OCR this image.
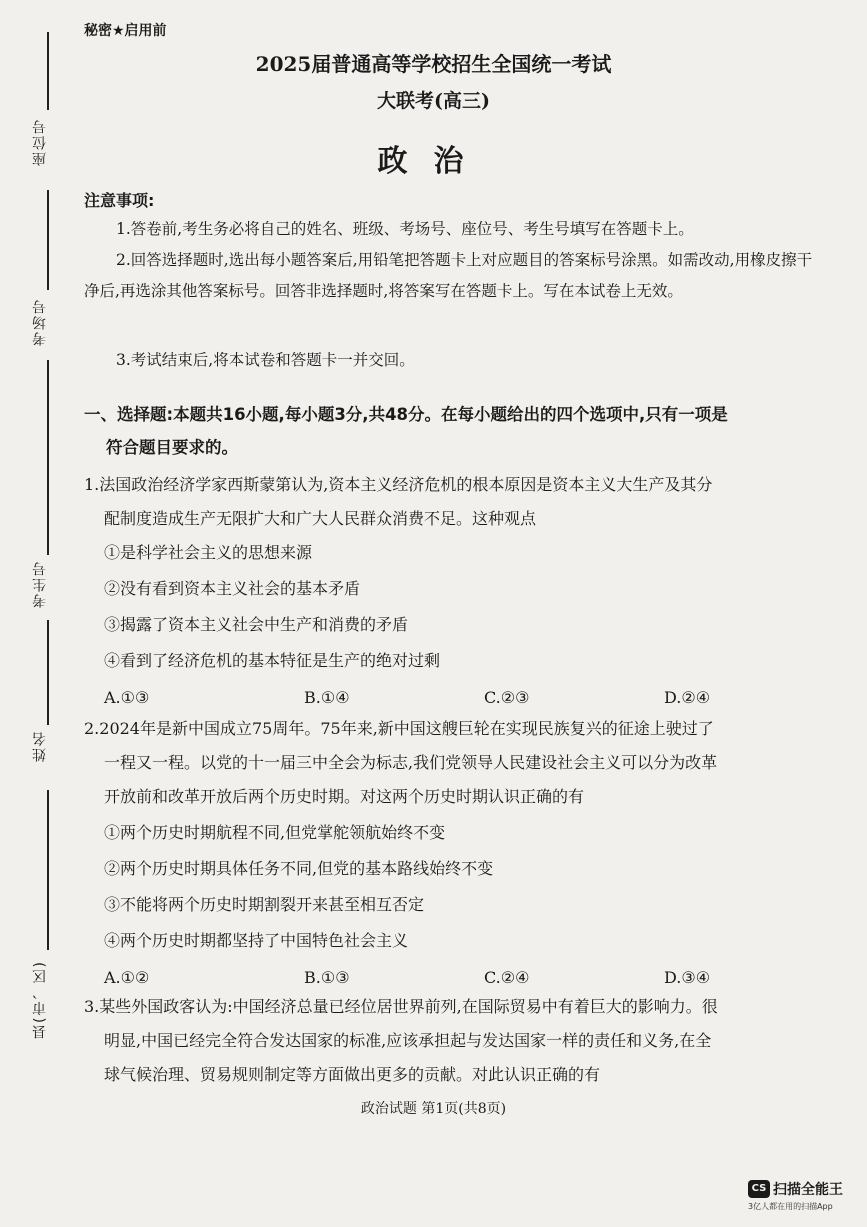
座位号
考场号
考生号
姓名
县(市、区)
秘密★启用前
2025届普通高等学校招生全国统一考试
大联考(高三)
政治
注意事项:
1.答卷前,考生务必将自己的姓名、班级、考场号、座位号、考生号填写在答题卡上。
2.回答选择题时,选出每小题答案后,用铅笔把答题卡上对应题目的答案标号涂黑。如需改动,用橡皮擦干净后,再选涂其他答案标号。回答非选择题时,将答案写在答题卡上。写在本试卷上无效。
3.考试结束后,将本试卷和答题卡一并交回。
一、选择题:本题共16小题,每小题3分,共48分。在每小题给出的四个选项中,只有一项是
符合题目要求的。
1.法国政治经济学家西斯蒙第认为,资本主义经济危机的根本原因是资本主义大生产及其分
配制度造成生产无限扩大和广大人民群众消费不足。这种观点
①是科学社会主义的思想来源
②没有看到资本主义社会的基本矛盾
③揭露了资本主义社会中生产和消费的矛盾
④看到了经济危机的基本特征是生产的绝对过剩
A.①③	B.①④	C.②③	D.②④
2.2024年是新中国成立75周年。75年来,新中国这艘巨轮在实现民族复兴的征途上驶过了
一程又一程。以党的十一届三中全会为标志,我们党领导人民建设社会主义可以分为改革
开放前和改革开放后两个历史时期。对这两个历史时期认识正确的有
①两个历史时期航程不同,但党掌舵领航始终不变
②两个历史时期具体任务不同,但党的基本路线始终不变
③不能将两个历史时期割裂开来甚至相互否定
④两个历史时期都坚持了中国特色社会主义
A.①②	B.①③	C.②④	D.③④
3.某些外国政客认为:中国经济总量已经位居世界前列,在国际贸易中有着巨大的影响力。很
明显,中国已经完全符合发达国家的标准,应该承担起与发达国家一样的责任和义务,在全
球气候治理、贸易规则制定等方面做出更多的贡献。对此认识正确的有
政治试题 第1页(共8页)
CS 扫描全能王
3亿人都在用的扫描App
